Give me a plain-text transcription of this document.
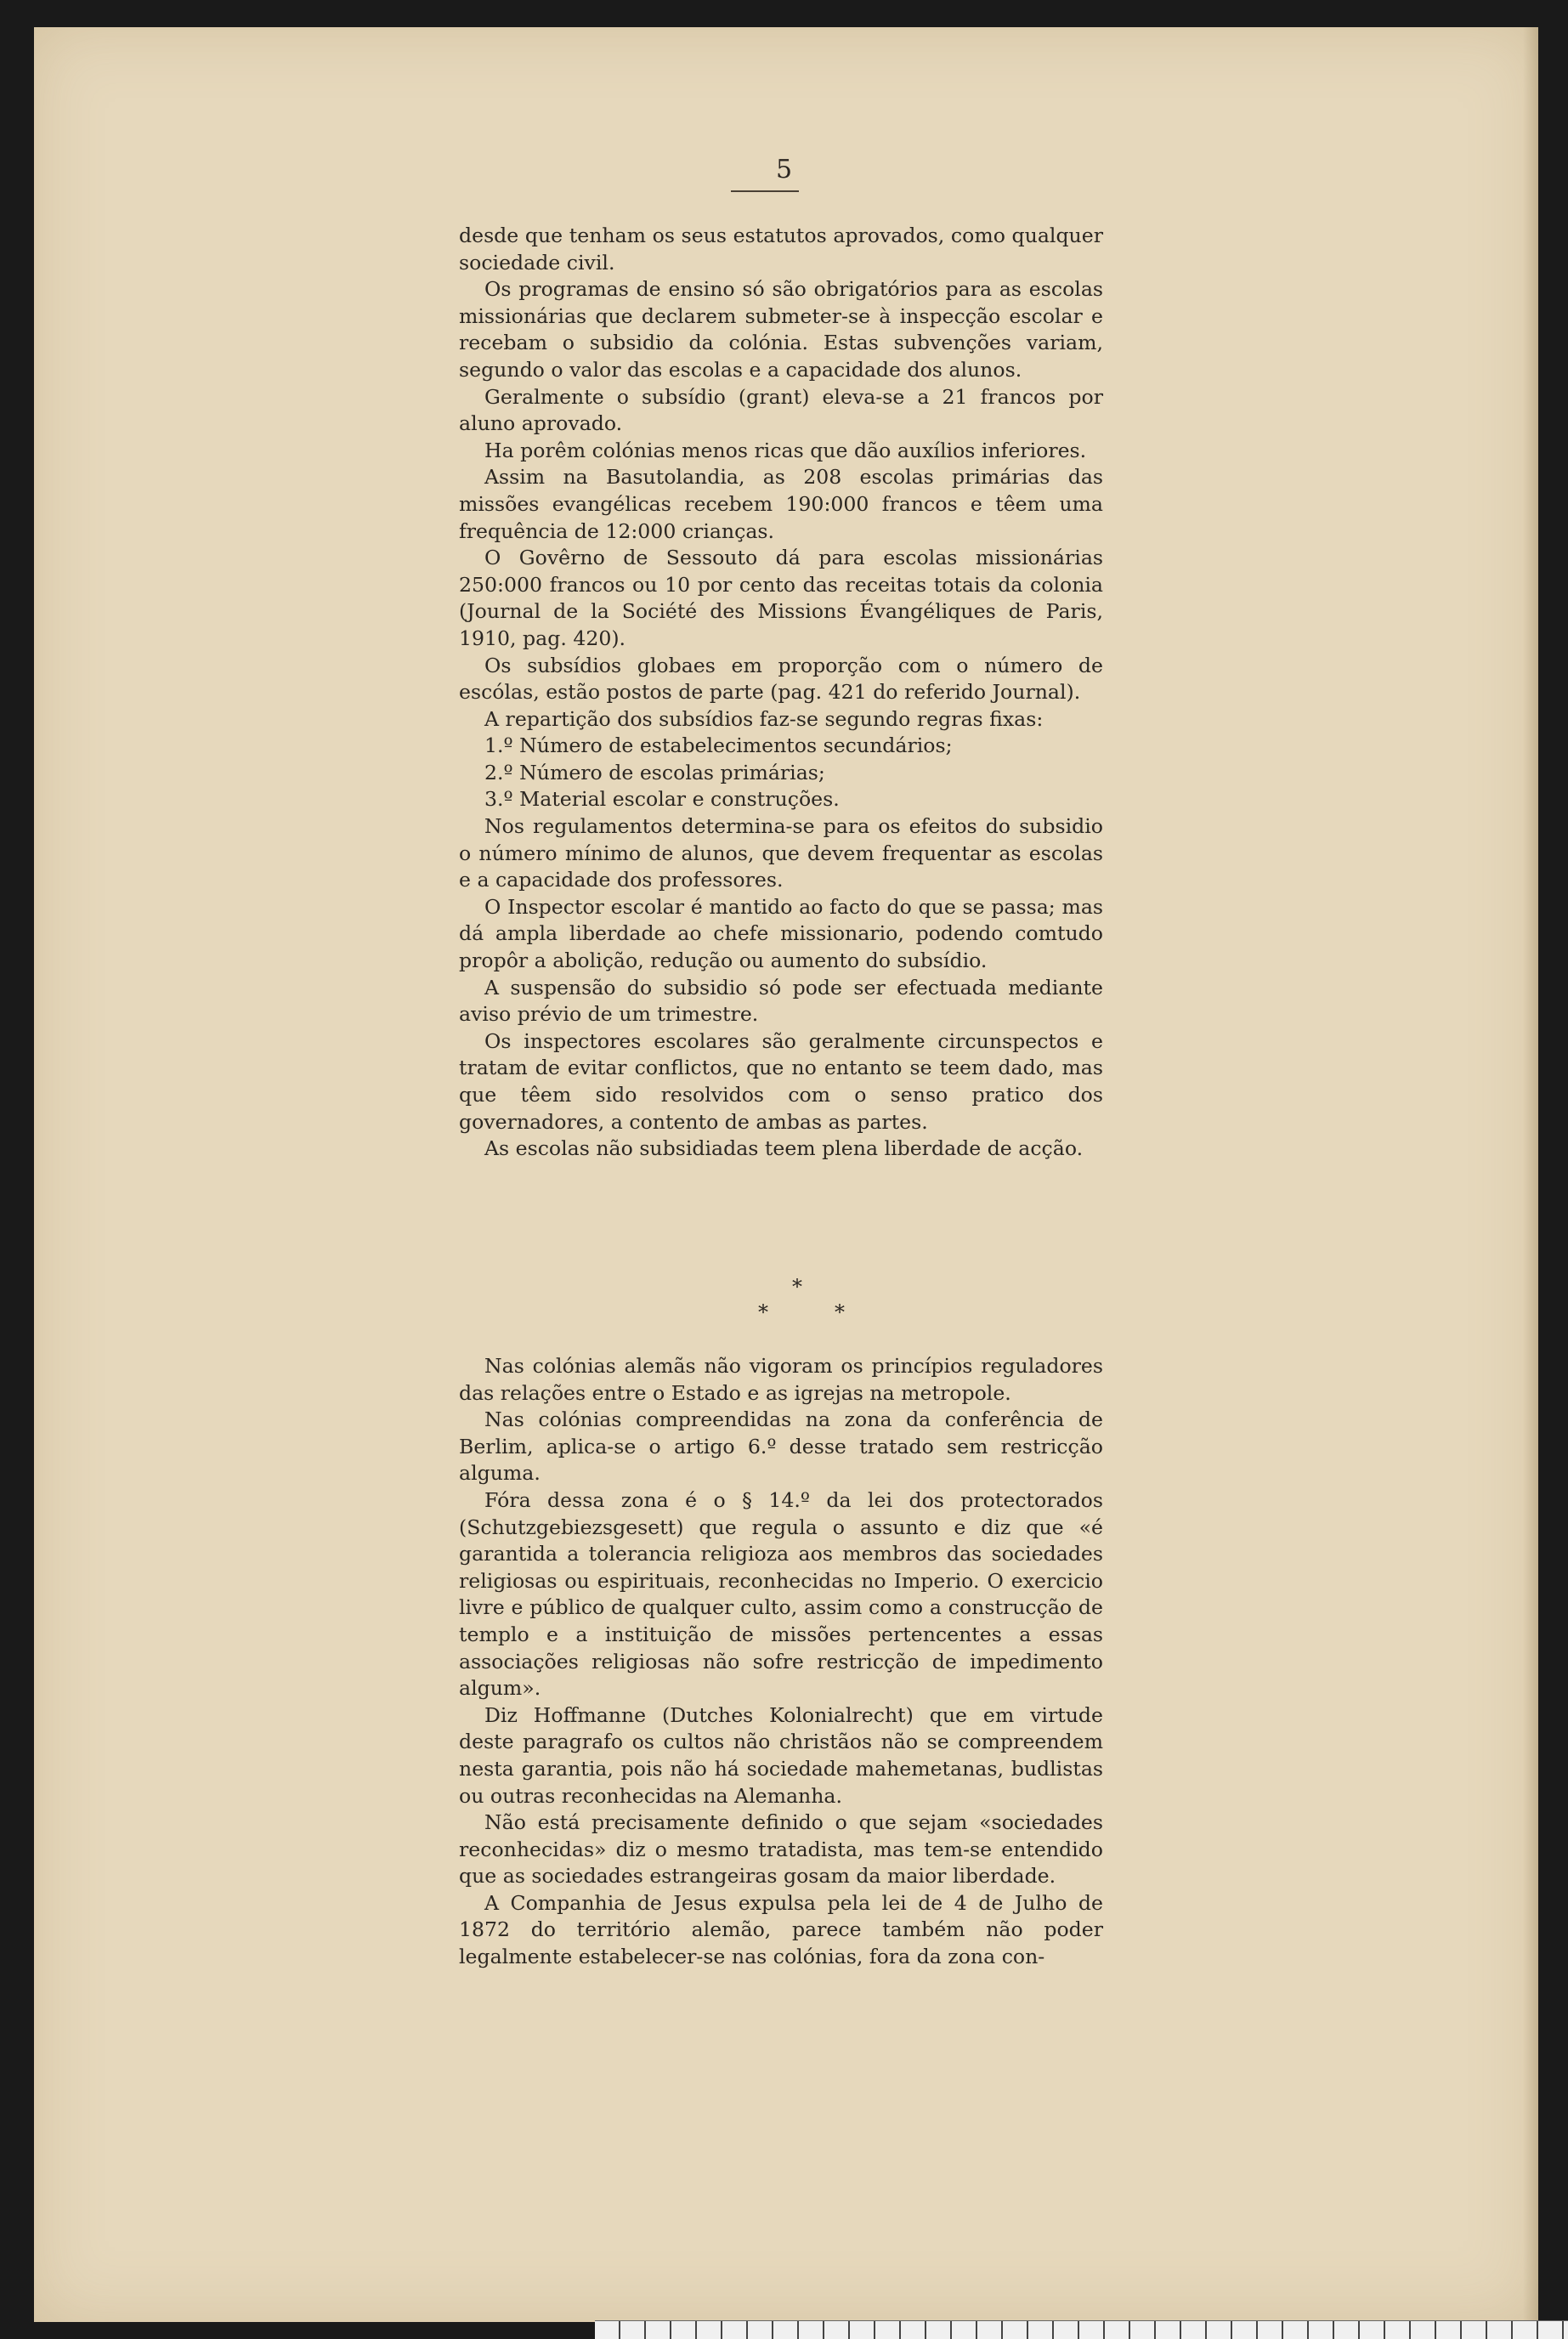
5

desde que tenham os seus estatutos aprovados, como qualquer sociedade civil.

Os programas de ensino só são obrigatórios para as escolas missionárias que declarem submeter-se à inspecção escolar e recebam o subsidio da colónia. Estas subvenções variam, segundo o valor das escolas e a capacidade dos alunos.

Geralmente o subsídio (grant) eleva-se a 21 francos por aluno aprovado.

Ha porêm colónias menos ricas que dão auxílios inferiores.

Assim na Basutolandia, as 208 escolas primárias das missões evangélicas recebem 190:000 francos e têem uma frequência de 12:000 crianças.

O Govêrno de Sessouto dá para escolas missionárias 250:000 francos ou 10 por cento das receitas totais da colonia (Journal de la Société des Missions Évangéliques de Paris, 1910, pag. 420).

Os subsídios globaes em proporção com o número de escólas, estão postos de parte (pag. 421 do referido Journal).

A repartição dos subsídios faz-se segundo regras fixas:

1.º Número de estabelecimentos secundários;

2.º Número de escolas primárias;

3.º Material escolar e construções.

Nos regulamentos determina-se para os efeitos do subsidio o número mínimo de alunos, que devem frequentar as escolas e a capacidade dos professores.

O Inspector escolar é mantido ao facto do que se passa; mas dá ampla liberdade ao chefe missionario, podendo comtudo propôr a abolição, redução ou aumento do subsídio.

A suspensão do subsidio só pode ser efectuada mediante aviso prévio de um trimestre.

Os inspectores escolares são geralmente circunspectos e tratam de evitar conflictos, que no entanto se teem dado, mas que têem sido resolvidos com o senso pratico dos governadores, a contento de ambas as partes.

As escolas não subsidiadas teem plena liberdade de acção.

*
*	*

Nas colónias alemãs não vigoram os princípios reguladores das relações entre o Estado e as igrejas na metropole.

Nas colónias compreendidas na zona da conferência de Berlim, aplica-se o artigo 6.º desse tratado sem restricção alguma.

Fóra dessa zona é o § 14.º da lei dos protectorados (Schutzgebiezsgesett) que regula o assunto e diz que «é garantida a tolerancia religioza aos membros das sociedades religiosas ou espirituais, reconhecidas no Imperio. O exercicio livre e público de qualquer culto, assim como a construcção de templo e a instituição de missões pertencentes a essas associações religiosas não sofre restricção de impedimento algum».

Diz Hoffmanne (Dutches Kolonialrecht) que em virtude deste paragrafo os cultos não christãos não se compreendem nesta garantia, pois não há sociedade mahemetanas, budlistas ou outras reconhecidas na Alemanha.

Não está precisamente definido o que sejam «sociedades reconhecidas» diz o mesmo tratadista, mas tem-se entendido que as sociedades estrangeiras gosam da maior liberdade.

A Companhia de Jesus expulsa pela lei de 4 de Julho de 1872 do território alemão, parece também não poder legalmente estabelecer-se nas colónias, fora da zona con-
